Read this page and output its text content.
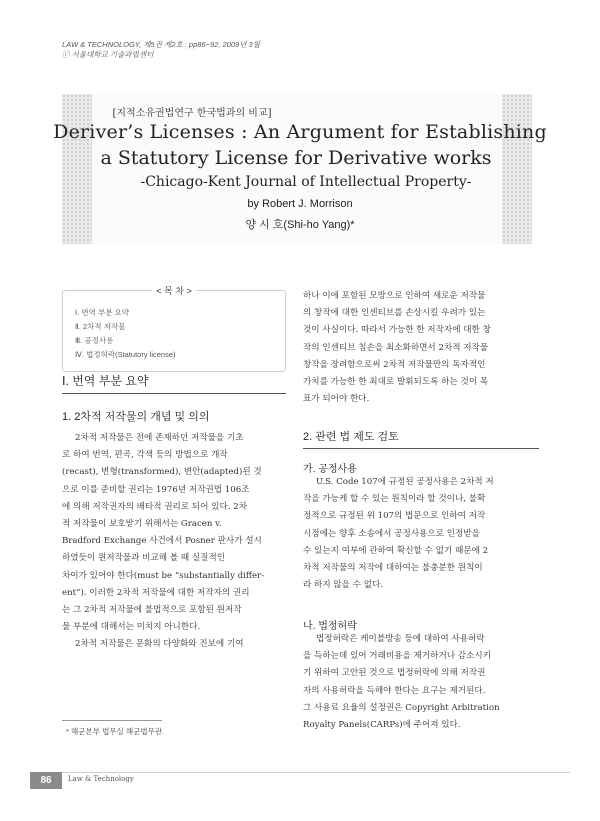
LAW & TECHNOLOGY, 제5권 제2호 : pp86~92, 2009년 3월
ⓒ 서울대학교 기술과법센터
[지적소유권법연구 한국법과의 비교]
Deriver’s Licenses : An Argument for Establishing
a Statutory License for Derivative works
-Chicago-Kent Journal of Intellectual Property-
by Robert J. Morrison
양 시 호(Shi-ho Yang)*
< 목 차 >
Ⅰ. 번역 부분 요약
Ⅱ. 2차적 저작물
Ⅲ. 공정사용
Ⅳ. 법정허락(Statutory license)
Ⅰ. 번역 부분 요약
1. 2차적 저작물의 개념 및 의의

2차적 저작물은 전에 존재하던 저작물을 기초
로 하여 번역, 편곡, 각색 등의 방법으로 개작
(recast), 변형(transformed), 변안(adapted)된 것
으로 이를 준비할 권리는 1976년 저작권법 106조
에 의해 저작권자의 배타적 권리로 되어 있다. 2차
적 저작물이 보호받기 위해서는 Gracen v.
Bradford Exchange 사건에서 Posner 판사가 설시
하였듯이 원저작물과 비교해 볼 때 실질적인
차이가 있어야 한다(must be “substantially differ-
ent”). 이러한 2차적 저작물에 대한 저작자의 권리
는 그 2차적 저작물에 불법적으로 포함된 원저작
물 부분에 대해서는 미치지 아니한다.

2차적 저작물은 문화의 다양화와 진보에 기여

하나 이에 포함된 모방으로 인하여 새로운 저작물
의 창작에 대한 인센티브를 손상시킬 우려가 있는
것이 사실이다. 따라서 가능한 한 저작자에 대한 창
작의 인센티브 침손을 최소화하면서 2차적 저작물
창작을 장려함으로써 2차적 저작물만의 독자적인
가치를 가능한 한 최대로 발휘되도록 하는 것이 목
표가 되어야 한다.

2. 관련 법 제도 검토
가. 공정사용

U.S. Code 107에 규정된 공정사용은 2차적 저
작을 가능케 할 수 있는 원칙이라 할 것이나, 불확
정적으로 규정된 위 107의 법문으로 인하여 저작
시점에는 향후 소송에서 공정사용으로 인정받을
수 있는지 여부에 관하여 확신할 수 없기 때문에 2
차적 저작물의 저작에 대하여는 불충분한 원칙이
라 하지 않을 수 없다.

나. 법정허락

법정허락은 케이블방송 등에 대하여 사용허락
을 득하는데 있어 거래비용을 제거하거나 감소시키
기 위하여 고안된 것으로 법정허락에 의해 저작권
자의 사용허락을 득해야 한다는 요구는 제거된다.
그 사용료 요율의 설정권은 Copyright Arbitration
Royalty Panels(CARPs)에 주어져 있다.

* 해군본부 법무실 해군법무관.
86	Law & Technology
